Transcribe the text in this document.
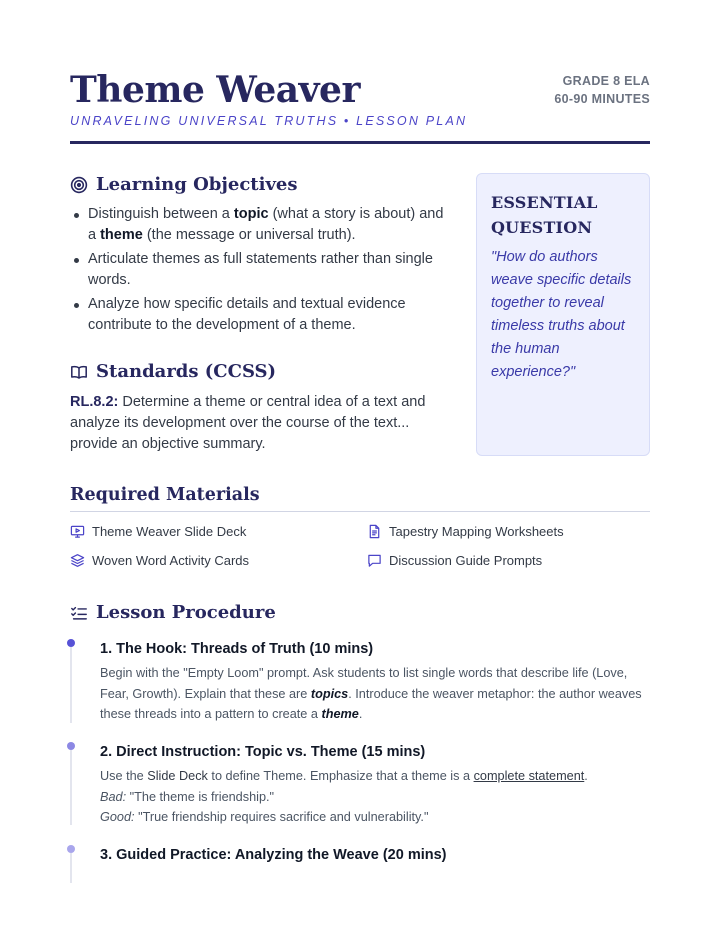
Theme Weaver
UNRAVELING UNIVERSAL TRUTHS • LESSON PLAN
GRADE 8 ELA
60-90 MINUTES
Learning Objectives
Distinguish between a topic (what a story is about) and a theme (the message or universal truth).
Articulate themes as full statements rather than single words.
Analyze how specific details and textual evidence contribute to the development of a theme.
Standards (CCSS)
RL.8.2: Determine a theme or central idea of a text and analyze its development over the course of the text... provide an objective summary.
ESSENTIAL QUESTION
"How do authors weave specific details together to reveal timeless truths about the human experience?"
Required Materials
Theme Weaver Slide Deck	Tapestry Mapping Worksheets
Woven Word Activity Cards	Discussion Guide Prompts
Lesson Procedure
1. The Hook: Threads of Truth (10 mins)
Begin with the "Empty Loom" prompt. Ask students to list single words that describe life (Love, Fear, Growth). Explain that these are topics. Introduce the weaver metaphor: the author weaves these threads into a pattern to create a theme.
2. Direct Instruction: Topic vs. Theme (15 mins)
Use the Slide Deck to define Theme. Emphasize that a theme is a complete statement.
Bad: "The theme is friendship."
Good: "True friendship requires sacrifice and vulnerability."
3. Guided Practice: Analyzing the Weave (20 mins)
